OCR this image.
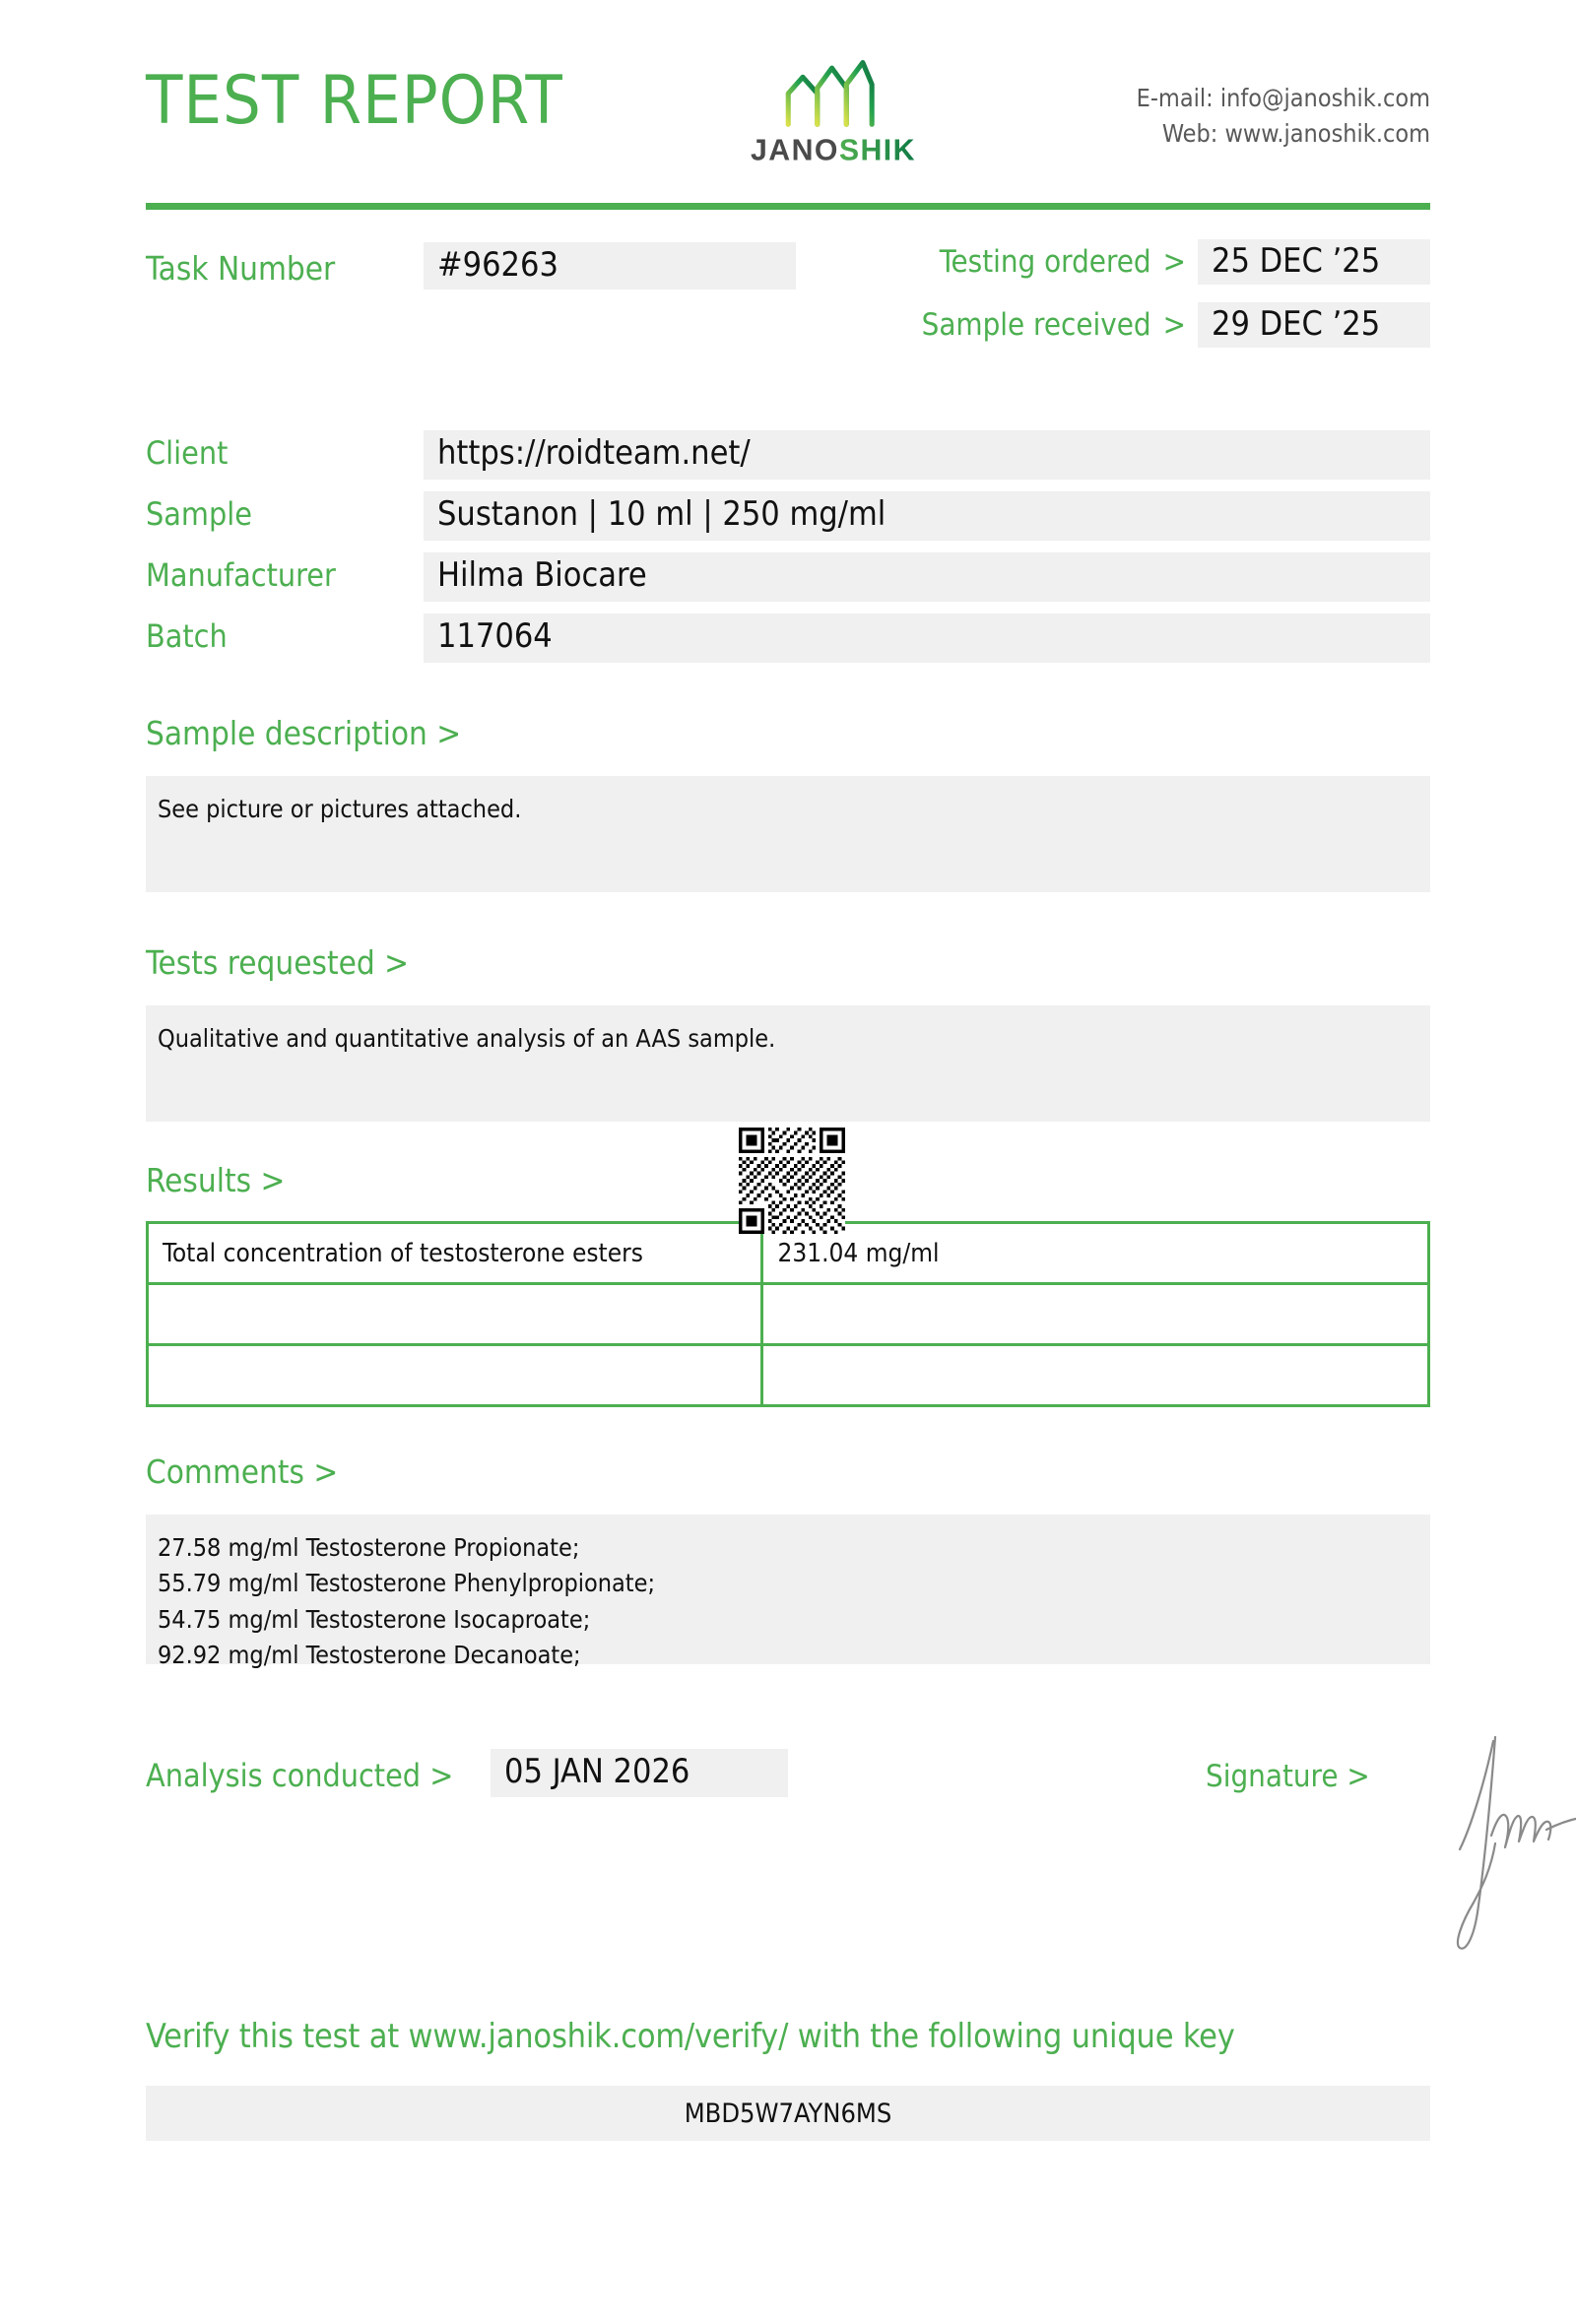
TEST REPORT
JANOSHIK
E-mail: info@janoshik.com
Web: www.janoshik.com
Task Number	#96263	Testing ordered > 25 DEC ’25
Sample received > 29 DEC ’25
Client	https://roidteam.net/
Sample	Sustanon | 10 ml | 250 mg/ml
Manufacturer	Hilma Biocare
Batch	117064
Sample description >
See picture or pictures attached.
Tests requested >
Qualitative and quantitative analysis of an AAS sample.
Results >
Total concentration of testosterone esters	231.04 mg/ml

Comments >
27.58 mg/ml Testosterone Propionate;
55.79 mg/ml Testosterone Phenylpropionate;
54.75 mg/ml Testosterone Isocaproate;
92.92 mg/ml Testosterone Decanoate;
Analysis conducted >	05 JAN 2026	Signature >
Verify this test at www.janoshik.com/verify/ with the following unique key
MBD5W7AYN6MS
